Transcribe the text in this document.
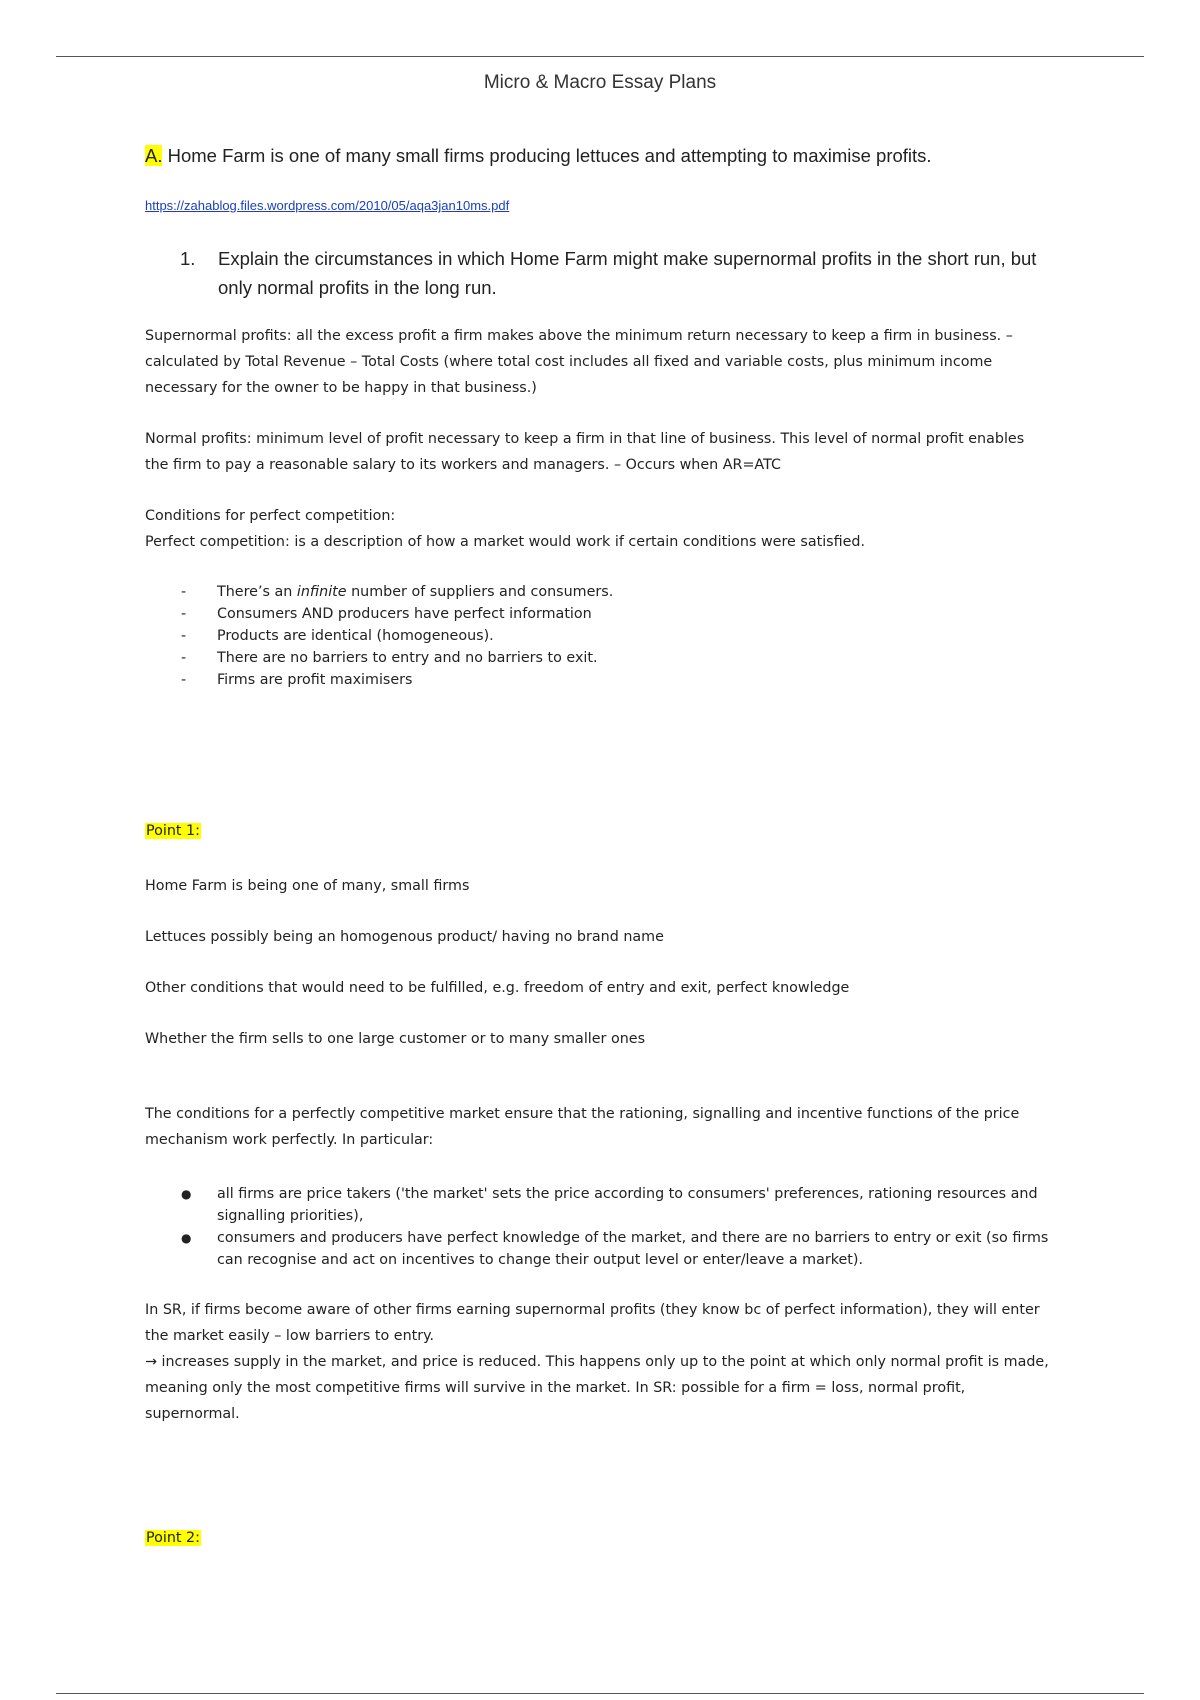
Micro & Macro Essay Plans
A. Home Farm is one of many small firms producing lettuces and attempting to maximise profits.
https://zahablog.files.wordpress.com/2010/05/aqa3jan10ms.pdf
1. Explain the circumstances in which Home Farm might make supernormal profits in the short run, but only normal profits in the long run.
Supernormal profits: all the excess profit a firm makes above the minimum return necessary to keep a firm in business. – calculated by Total Revenue – Total Costs (where total cost includes all fixed and variable costs, plus minimum income necessary for the owner to be happy in that business.)
Normal profits: minimum level of profit necessary to keep a firm in that line of business. This level of normal profit enables the firm to pay a reasonable salary to its workers and managers. – Occurs when AR=ATC
Conditions for perfect competition:
Perfect competition: is a description of how a market would work if certain conditions were satisfied.
- There’s an infinite number of suppliers and consumers.
- Consumers AND producers have perfect information
- Products are identical (homogeneous).
- There are no barriers to entry and no barriers to exit.
- Firms are profit maximisers
Point 1:
Home Farm is being one of many, small firms
Lettuces possibly being an homogenous product/ having no brand name
Other conditions that would need to be fulfilled, e.g. freedom of entry and exit, perfect knowledge
Whether the firm sells to one large customer or to many smaller ones
The conditions for a perfectly competitive market ensure that the rationing, signalling and incentive functions of the price mechanism work perfectly. In particular:
● all firms are price takers ('the market' sets the price according to consumers' preferences, rationing resources and signalling priorities),
● consumers and producers have perfect knowledge of the market, and there are no barriers to entry or exit (so firms can recognise and act on incentives to change their output level or enter/leave a market).
In SR, if firms become aware of other firms earning supernormal profits (they know bc of perfect information), they will enter the market easily – low barriers to entry.
→ increases supply in the market, and price is reduced. This happens only up to the point at which only normal profit is made, meaning only the most competitive firms will survive in the market. In SR: possible for a firm = loss, normal profit, supernormal.
Point 2:
